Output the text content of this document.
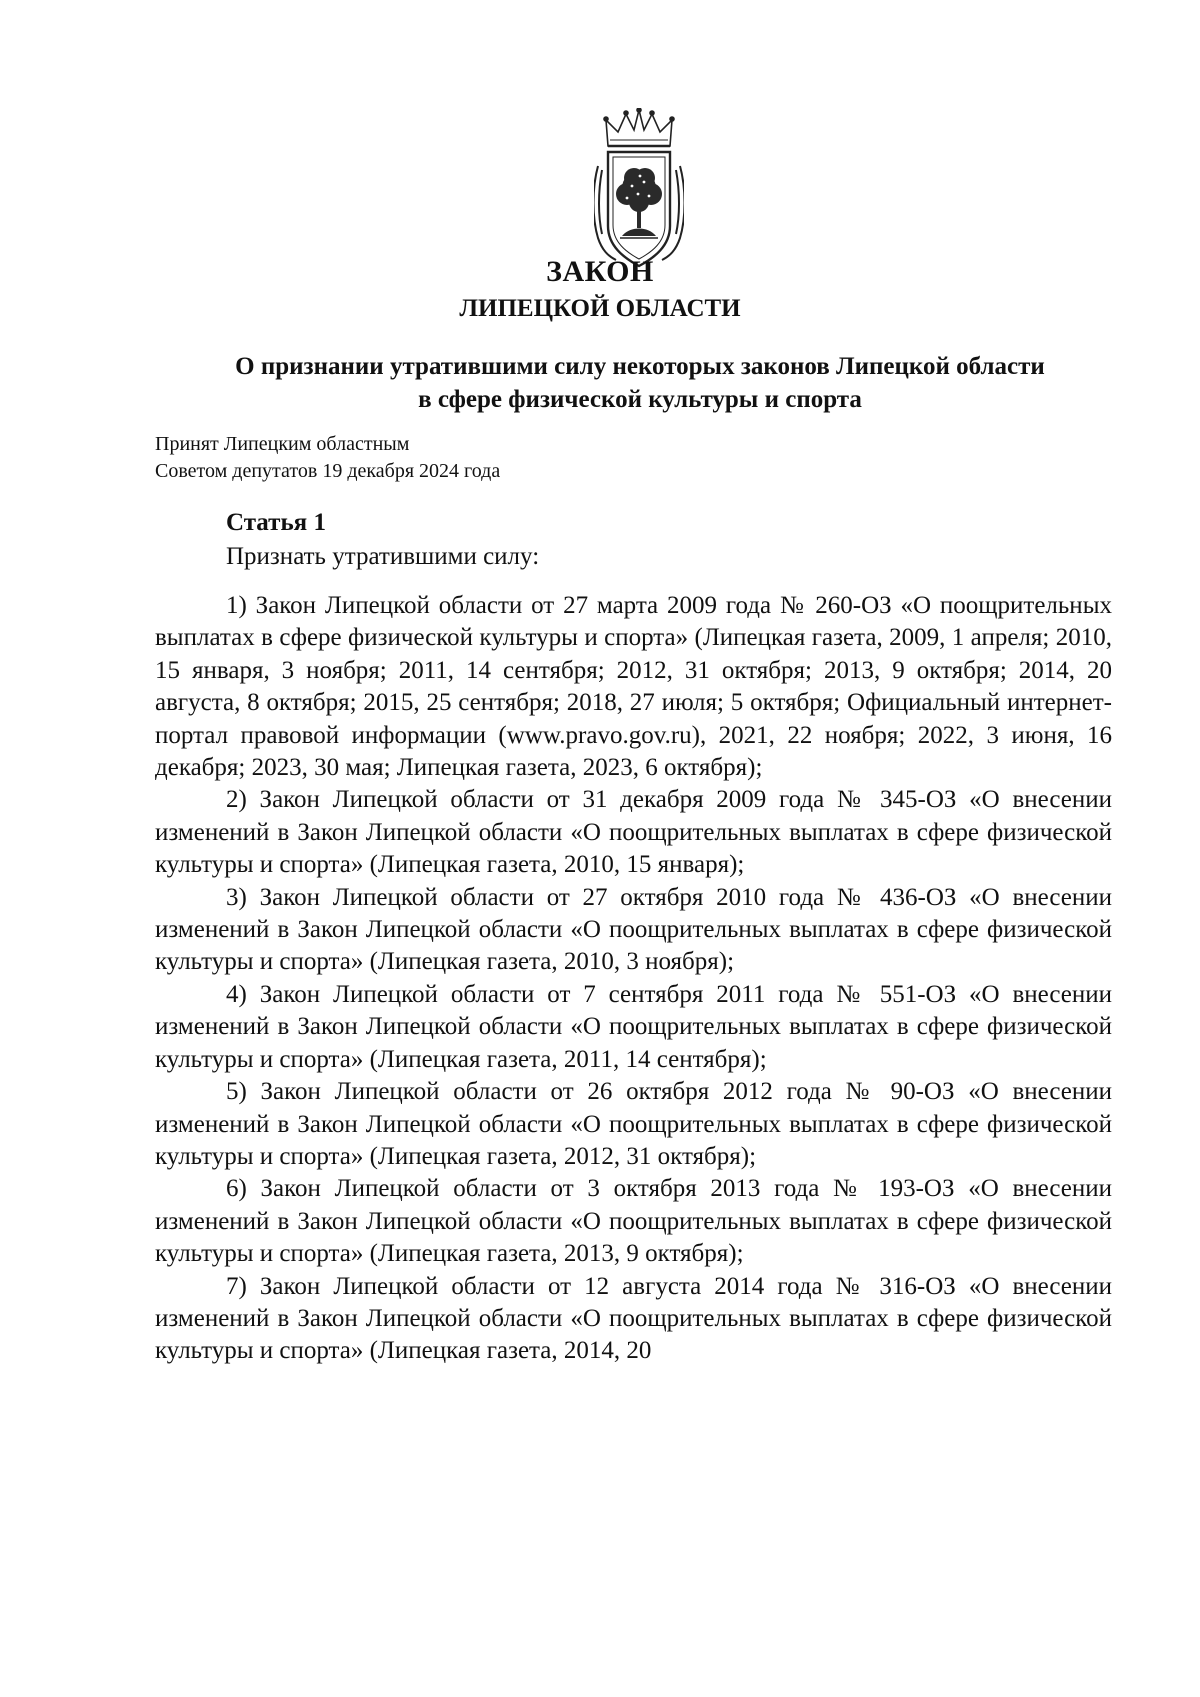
ЗАКОН
ЛИПЕЦКОЙ ОБЛАСТИ
О признании утратившими силу некоторых законов Липецкой области
в сфере физической культуры и спорта
Принят Липецким областным
Советом депутатов 19 декабря 2024 года
Статья 1
Признать утратившими силу:

1) Закон Липецкой области от 27 марта 2009 года № 260-ОЗ «О поощрительных выплатах в сфере физической культуры и спорта» (Липецкая газета, 2009, 1 апреля; 2010, 15 января, 3 ноября; 2011, 14 сентября; 2012, 31 октября; 2013, 9 октября; 2014, 20 августа, 8 октября; 2015, 25 сентября; 2018, 27 июля; 5 октября; Официальный интернет-портал правовой информации (www.pravo.gov.ru), 2021, 22 ноября; 2022, 3 июня, 16 декабря; 2023, 30 мая; Липецкая газета, 2023, 6 октября);

2) Закон Липецкой области от 31 декабря 2009 года № 345-ОЗ «О внесении изменений в Закон Липецкой области «О поощрительных выплатах в сфере физической культуры и спорта» (Липецкая газета, 2010, 15 января);

3) Закон Липецкой области от 27 октября 2010 года № 436-ОЗ «О внесении изменений в Закон Липецкой области «О поощрительных выплатах в сфере физической культуры и спорта» (Липецкая газета, 2010, 3 ноября);

4) Закон Липецкой области от 7 сентября 2011 года № 551-ОЗ «О внесении изменений в Закон Липецкой области «О поощрительных выплатах в сфере физической культуры и спорта» (Липецкая газета, 2011, 14 сентября);

5) Закон Липецкой области от 26 октября 2012 года № 90-ОЗ «О внесении изменений в Закон Липецкой области «О поощрительных выплатах в сфере физической культуры и спорта» (Липецкая газета, 2012, 31 октября);

6) Закон Липецкой области от 3 октября 2013 года № 193-ОЗ «О внесении изменений в Закон Липецкой области «О поощрительных выплатах в сфере физической культуры и спорта» (Липецкая газета, 2013, 9 октября);

7) Закон Липецкой области от 12 августа 2014 года № 316-ОЗ «О внесении изменений в Закон Липецкой области «О поощрительных выплатах в сфере физической культуры и спорта» (Липецкая газета, 2014, 20
